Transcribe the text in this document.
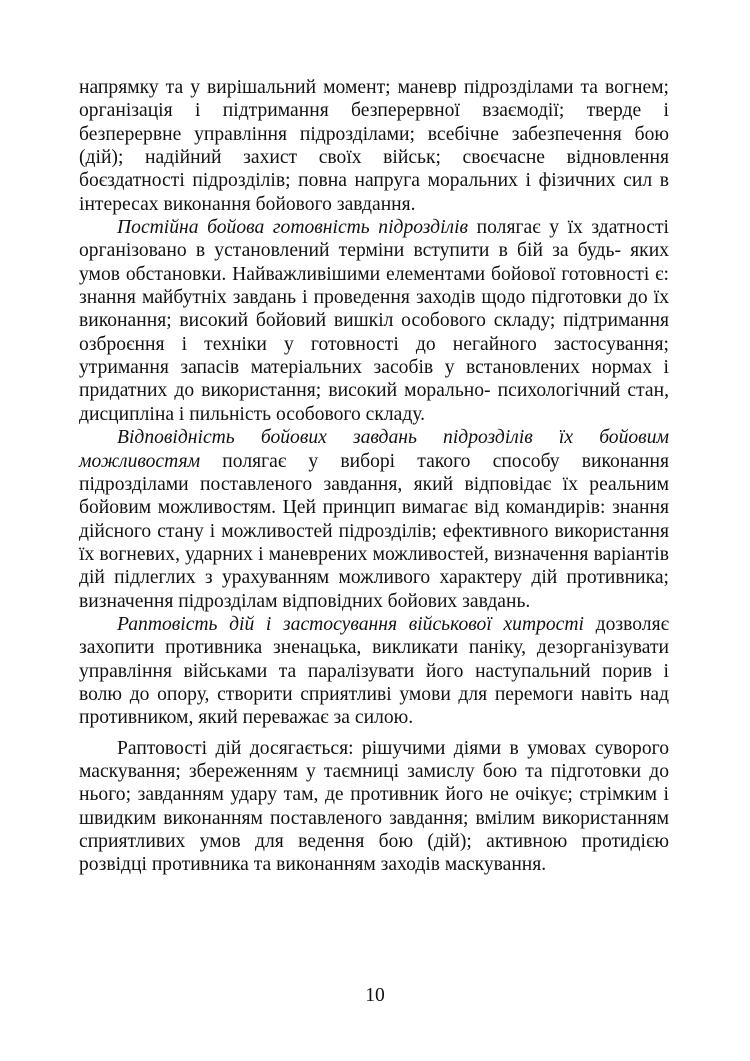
напрямку та у вирішальний момент; маневр підрозділами та вогнем; організація і підтримання безперервної взаємодії; тверде і безперервне управління підрозділами; всебічне забезпечення бою (дій); надійний захист своїх військ; своєчасне відновлення боєздатності підрозділів; повна напруга моральних і фізичних сил в інтересах виконання бойового завдання.

Постійна бойова готовність підрозділів полягає у їх здатності організовано в установлений терміни вступити в бій за будь- яких умов обстановки. Найважливішими елементами бойової готовності є: знання майбутніх завдань і проведення заходів щодо підготовки до їх виконання; високий бойовий вишкіл особового складу; підтримання озброєння і техніки у готовності до негайного застосування; утримання запасів матеріальних засобів у встановлених нормах і придатних до використання; високий морально- психологічний стан, дисципліна і пильність особового складу.

Відповідність бойових завдань підрозділів їх бойовим можливостям полягає у виборі такого способу виконання підрозділами поставленого завдання, який відповідає їх реальним бойовим можливостям. Цей принцип вимагає від командирів: знання дійсного стану і можливостей підрозділів; ефективного використання їх вогневих, ударних і маневрених можливостей, визначення варіантів дій підлеглих з урахуванням можливого характеру дій противника; визначення підрозділам відповідних бойових завдань.

Раптовість дій і застосування військової хитрості дозволяє захопити противника зненацька, викликати паніку, дезорганізувати управління військами та паралізувати його наступальний порив і волю до опору, створити сприятливі умови для перемоги навіть над противником, який переважає за силою.

Раптовості дій досягається: рішучими діями в умовах суворого маскування; збереженням у таємниці замислу бою та підготовки до нього; завданням удару там, де противник його не очікує; стрімким і швидким виконанням поставленого завдання; вмілим використанням сприятливих умов для ведення бою (дій); активною протидією розвідці противника та виконанням заходів маскування.

10
